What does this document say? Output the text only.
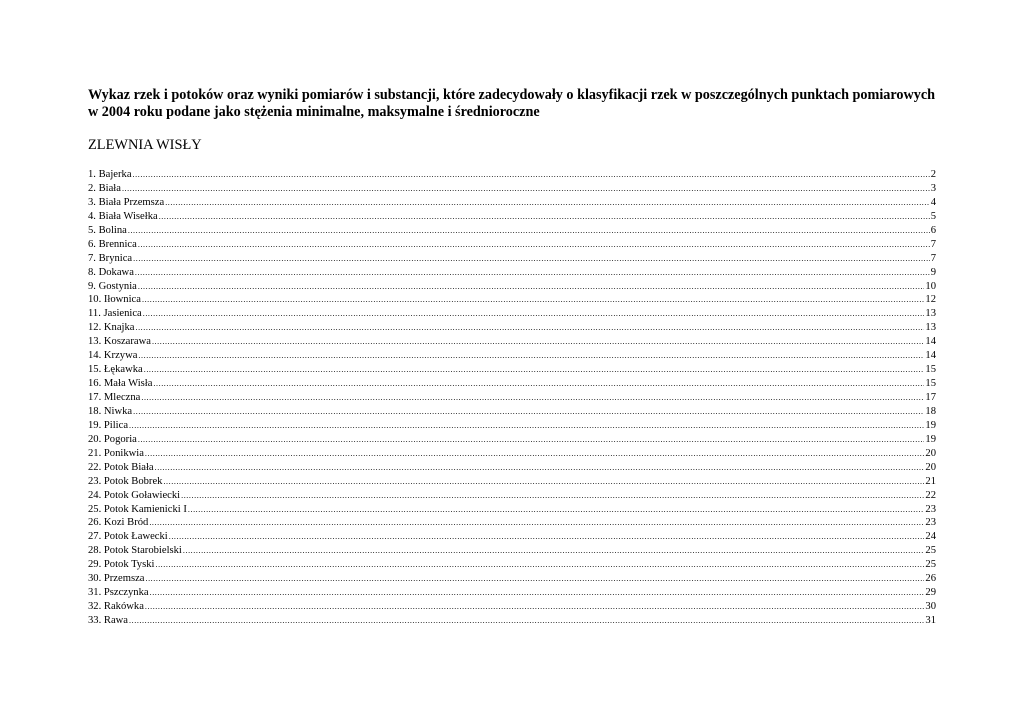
Wykaz rzek i potoków oraz wyniki pomiarów i substancji, które zadecydowały o klasyfikacji rzek w poszczególnych punktach pomiarowych w 2004 roku podane jako stężenia minimalne, maksymalne i średnioroczne
ZLEWNIA WISŁY
1. Bajerka .....	2
2. Biała .....	3
3. Biała Przemsza .....	4
4. Biała Wisełka .....	5
5. Bolina .....	6
6. Brennica .....	7
7. Brynica .....	7
8. Dokawa .....	9
9. Gostynia .....	10
10. Iłownica .....	12
11. Jasienica .....	13
12. Knajka .....	13
13. Koszarawa .....	14
14. Krzywa .....	14
15. Łękawka .....	15
16. Mała Wisła .....	15
17. Mleczna .....	17
18. Niwka .....	18
19. Pilica .....	19
20. Pogoria .....	19
21. Ponikwia .....	20
22. Potok Biała .....	20
23. Potok Bobrek .....	21
24. Potok Goławiecki .....	22
25. Potok Kamienicki I .....	23
26. Kozi Bród .....	23
27. Potok Ławecki .....	24
28. Potok Starobielski .....	25
29. Potok Tyski .....	25
30. Przemsza .....	26
31. Pszczynka .....	29
32. Rakówka .....	30
33. Rawa .....	31
